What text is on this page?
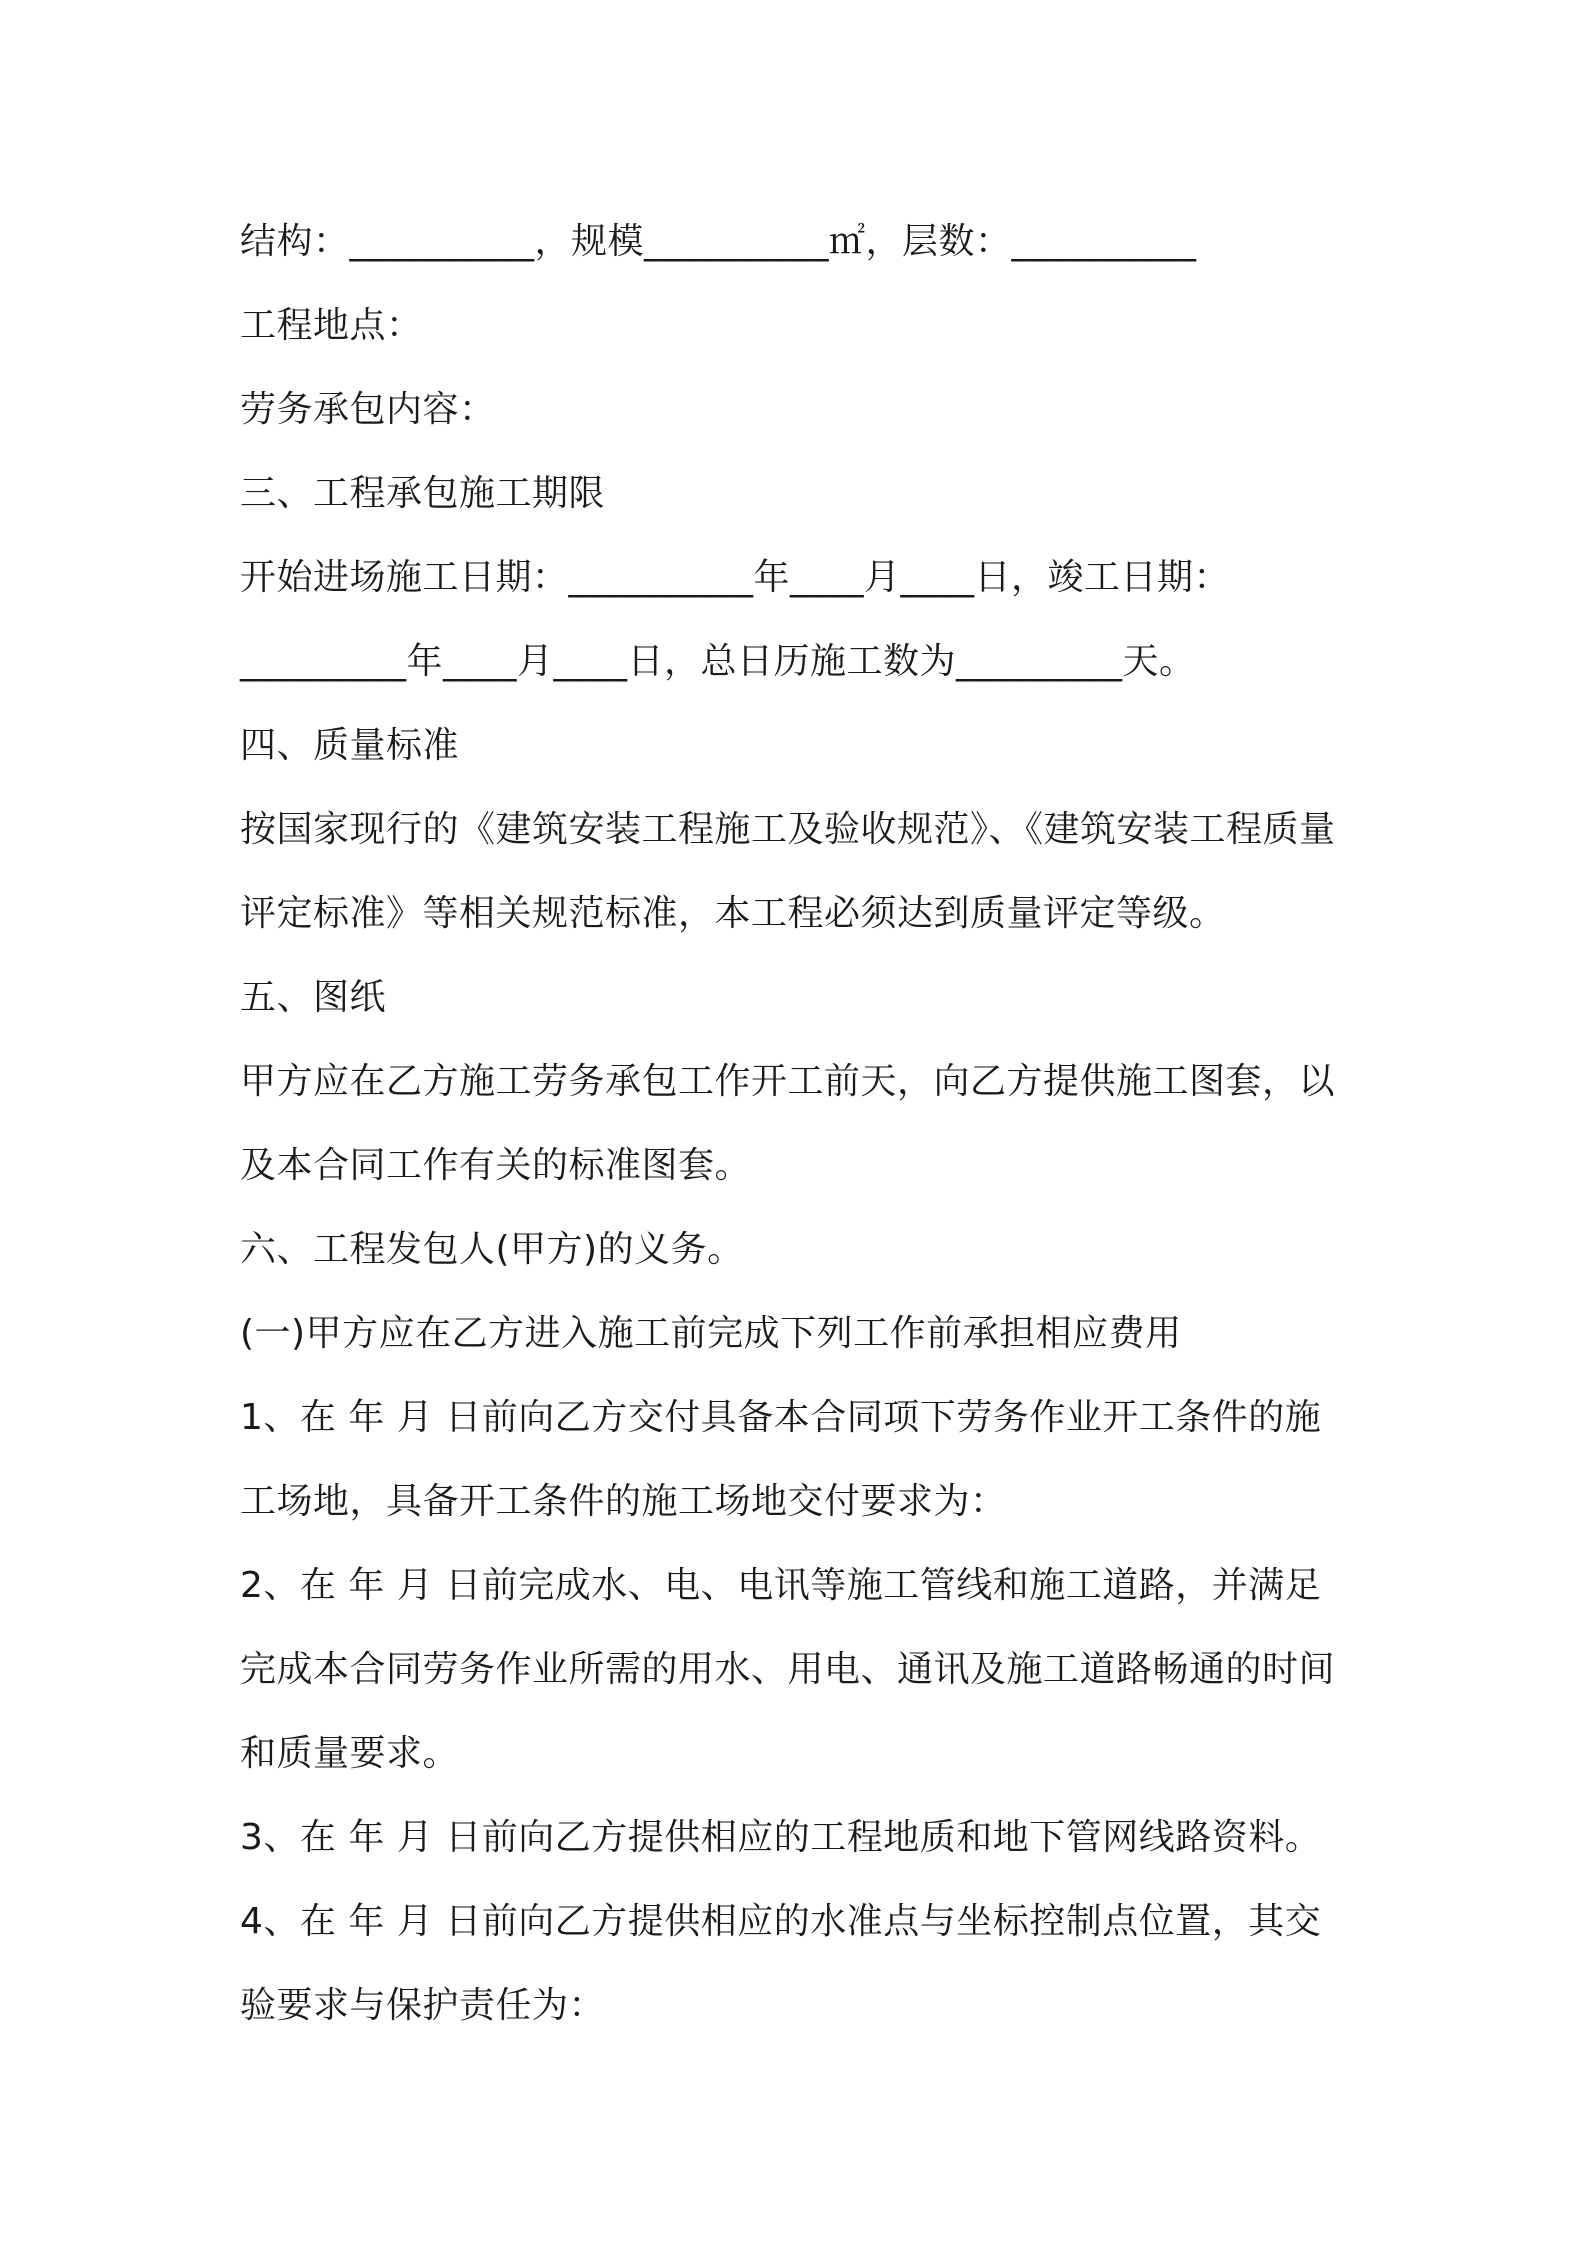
结构：__________，规模__________㎡，层数：__________

工程地点：

劳务承包内容：

三、工程承包施工期限

开始进场施工日期：__________年____月____日，竣工日期：

_________年____月____日，总日历施工数为_________天。

四、质量标准

按国家现行的《建筑安装工程施工及验收规范》、《建筑安装工程质量

评定标准》等相关规范标准，本工程必须达到质量评定等级。

五、图纸

甲方应在乙方施工劳务承包工作开工前天，向乙方提供施工图套，以

及本合同工作有关的标准图套。

六、工程发包人(甲方)的义务。

(一)甲方应在乙方进入施工前完成下列工作前承担相应费用

1、在 年 月 日前向乙方交付具备本合同项下劳务作业开工条件的施

工场地，具备开工条件的施工场地交付要求为：

2、在 年 月 日前完成水、电、电讯等施工管线和施工道路，并满足

完成本合同劳务作业所需的用水、用电、通讯及施工道路畅通的时间

和质量要求。

3、在 年 月 日前向乙方提供相应的工程地质和地下管网线路资料。

4、在 年 月 日前向乙方提供相应的水准点与坐标控制点位置，其交

验要求与保护责任为：
